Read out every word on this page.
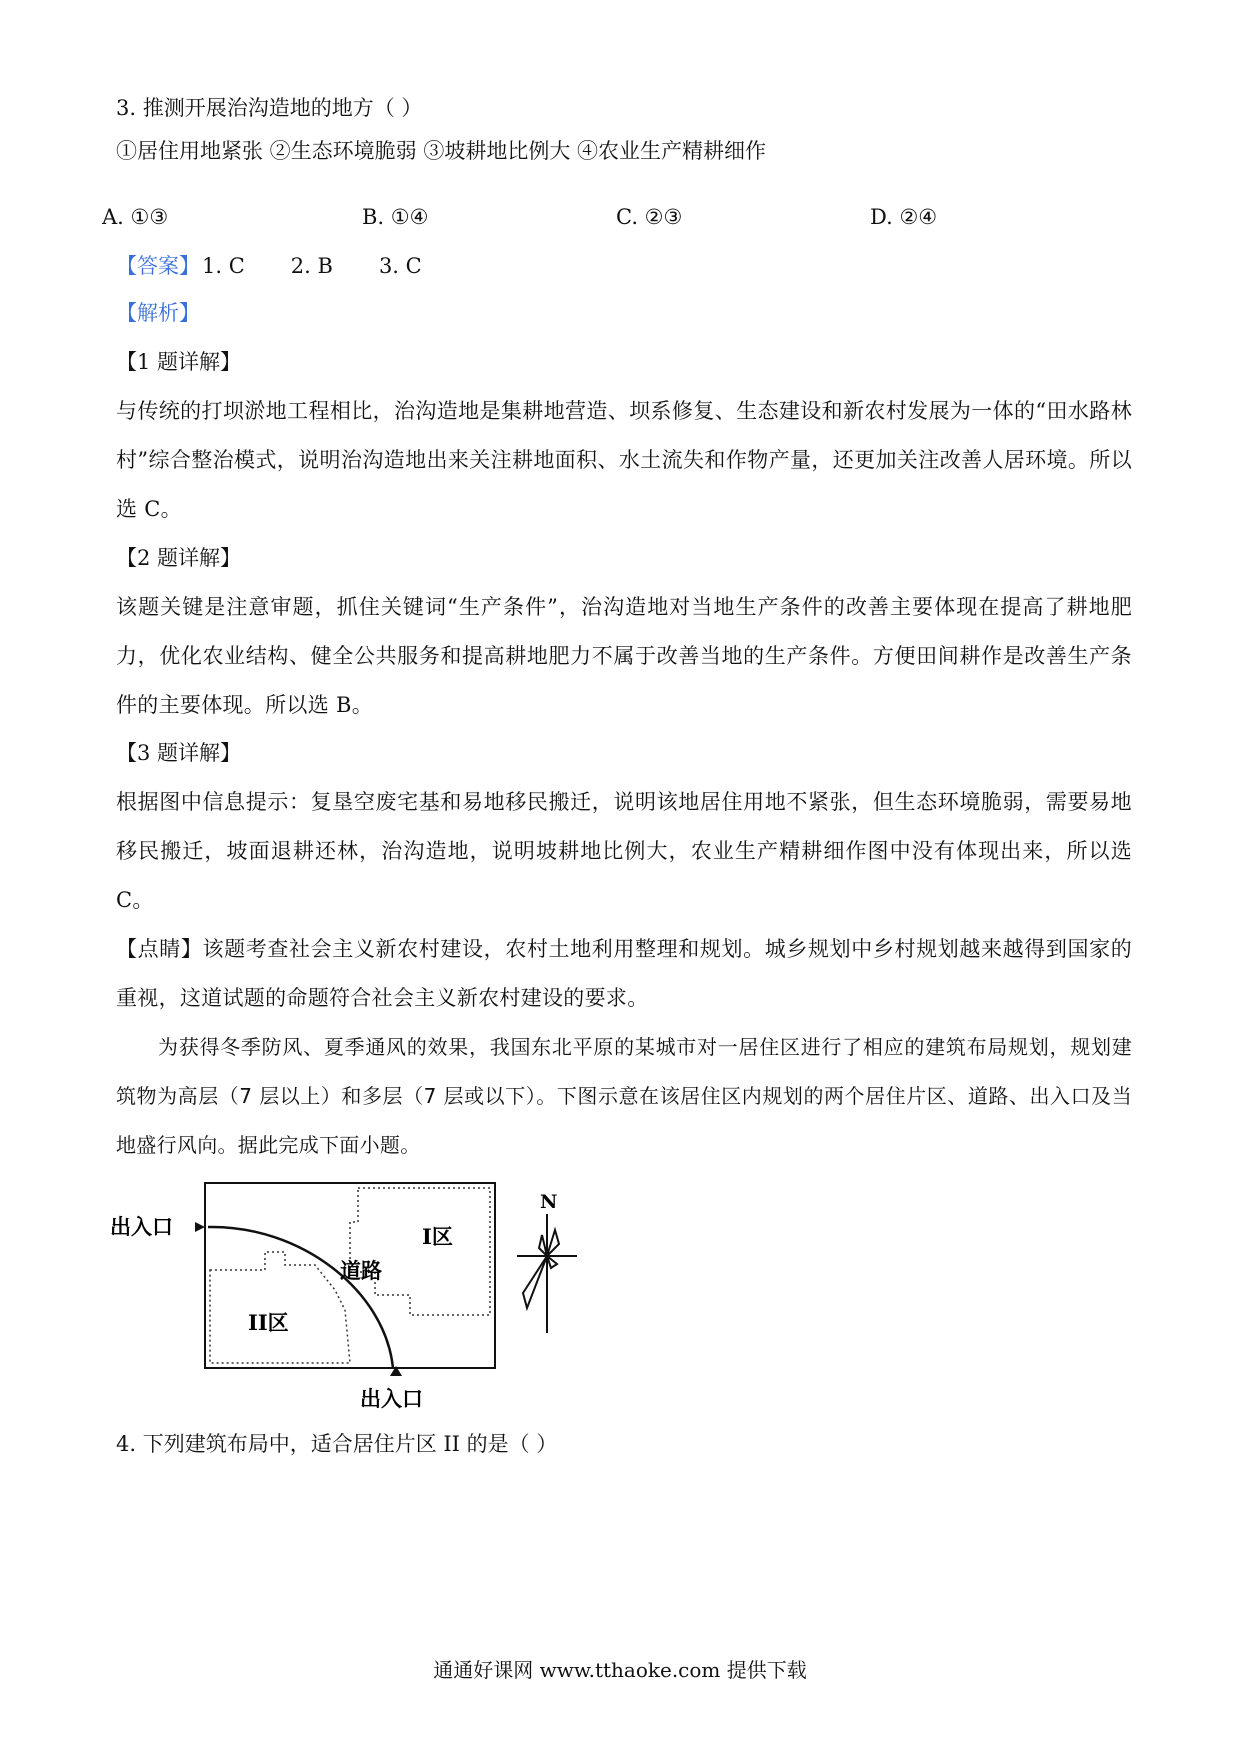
3. 推测开展治沟造地的地方（ ）
①居住用地紧张 ②生态环境脆弱 ③坡耕地比例大 ④农业生产精耕细作
A. ①③	B. ①④	C. ②③	D. ②④
【答案】1. C 2. B 3. C
【解析】
【1 题详解】
与传统的打坝淤地工程相比，治沟造地是集耕地营造、坝系修复、生态建设和新农村发展为一体的“田水路林村”综合整治模式，说明治沟造地出来关注耕地面积、水土流失和作物产量，还更加关注改善人居环境。所以选 C。
【2 题详解】
该题关键是注意审题，抓住关键词“生产条件”，治沟造地对当地生产条件的改善主要体现在提高了耕地肥力，优化农业结构、健全公共服务和提高耕地肥力不属于改善当地的生产条件。方便田间耕作是改善生产条件的主要体现。所以选 B。
【3 题详解】
根据图中信息提示：复垦空废宅基和易地移民搬迁，说明该地居住用地不紧张，但生态环境脆弱，需要易地移民搬迁，坡面退耕还林，治沟造地，说明坡耕地比例大，农业生产精耕细作图中没有体现出来，所以选 C。
【点睛】该题考查社会主义新农村建设，农村土地利用整理和规划。城乡规划中乡村规划越来越得到国家的重视，这道试题的命题符合社会主义新农村建设的要求。
为获得冬季防风、夏季通风的效果，我国东北平原的某城市对一居住区进行了相应的建筑布局规划，规划建筑物为高层（7 层以上）和多层（7 层或以下）。下图示意在该居住区内规划的两个居住片区、道路、出入口及当地盛行风向。据此完成下面小题。
出入口
出入口
I区
II区
道路
N
4. 下列建筑布局中，适合居住片区 II 的是（ ）
通通好课网 www.tthaoke.com 提供下载
